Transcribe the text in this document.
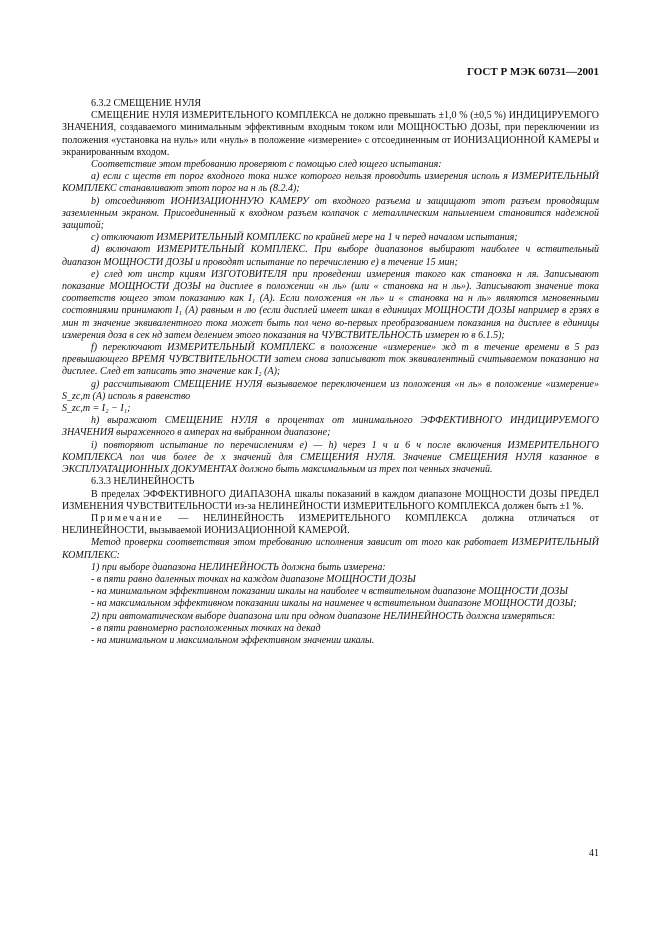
ГОСТ Р МЭК 60731—2001

6.3.2 СМЕЩЕНИЕ НУЛЯ

СМЕЩЕНИЕ НУЛЯ ИЗМЕРИТЕЛЬНОГО КОМПЛЕКСА не должно превышать ±1,0 % (±0,5 %) ИНДИЦИРУЕМОГО ЗНАЧЕНИЯ, создаваемого минимальным эффективным входным током или МОЩНОСТЬЮ ДОЗЫ, при переключении из положения «установка на нуль» или «нуль» в положение «измерение» с отсоединенным от ИОНИЗАЦИОННОЙ КАМЕРЫ и экранированным входом.

Соответствие этом требованию проверяют с помощью след ющего испытания:

a) если с ществ ет порог входного тока ниже которого нельзя проводить измерения исполь я ИЗМЕРИТЕЛЬНЫЙ КОМПЛЕКС станавливают этот порог на н ль (8.2.4);

b) отсоединяют ИОНИЗАЦИОННУЮ КАМЕРУ от входного разъема и защищают этот разъем проводящим заземленным экраном. Присоединенный к входном разъем колпачок с металлическим напылением становится надежной защитой;

c) отключают ИЗМЕРИТЕЛЬНЫЙ КОМПЛЕКС по крайней мере на 1 ч перед началом испытания;

d) включают ИЗМЕРИТЕЛЬНЫЙ КОМПЛЕКС. При выборе диапазонов выбирают наиболее ч вствительный диапазон МОЩНОСТИ ДОЗЫ и проводят испытание по перечислению e) в течение 15 мин;

e) след ют инстр кциям ИЗГОТОВИТЕЛЯ при проведении измерения такого как становка н ля. Записывают показание МОЩНОСТИ ДОЗЫ на дисплее в положении «н ль» (или « становка на н ль»). Записывают значение тока соответств ющего этом показанию как I₁ (A). Если положения «н ль» и « становка на н ль» являются мгновенными состояниями принимают I₁ (A) равным н лю (если дисплей имеет шкал в единицах МОЩНОСТИ ДОЗЫ например в грэях в мин т значение эквивалентного тока может быть пол чено во-первых преобразованием показания на дисплее в единицы измерения доза в сек нд затем делением этого показания на ЧУВСТВИТЕЛЬНОСТЬ измерен ю в 6.1.5);

f) переключают ИЗМЕРИТЕЛЬНЫЙ КОМПЛЕКС в положение «измерение» жд т в течение времени в 5 раз превышающего ВРЕМЯ ЧУВСТВИТЕЛЬНОСТИ затем снова записывают ток эквивалентный считываемом показанию на дисплее. След ет записать это значение как I₂ (A);

g) рассчитывают СМЕЩЕНИЕ НУЛЯ вызываемое переключением из положения «н ль» в положение «измерение» S_zc,m (A) исполь я равенство

S_zc,m = I₂ − I₁;

h) выражают СМЕЩЕНИЕ НУЛЯ в процентах от минимального ЭФФЕКТИВНОГО ИНДИЦИРУЕМОГО ЗНАЧЕНИЯ выраженного в амперах на выбранном диапазоне;

i) повторяют испытание по перечислениям e) — h) через 1 ч и 6 ч после включения ИЗМЕРИТЕЛЬНОГО КОМПЛЕКСА пол чив более де х значений для СМЕЩЕНИЯ НУЛЯ. Значение СМЕЩЕНИЯ НУЛЯ казанное в ЭКСПЛУАТАЦИОННЫХ ДОКУМЕНТАХ должно быть максимальным из трех пол ченных значений.

6.3.3 НЕЛИНЕЙНОСТЬ

В пределах ЭФФЕКТИВНОГО ДИАПАЗОНА шкалы показаний в каждом диапазоне МОЩНОСТИ ДОЗЫ ПРЕДЕЛ ИЗМЕНЕНИЯ ЧУВСТВИТЕЛЬНОСТИ из-за НЕЛИНЕЙНОСТИ ИЗМЕРИТЕЛЬНОГО КОМПЛЕКСА должен быть ±1 %.

Примечание — НЕЛИНЕЙНОСТЬ ИЗМЕРИТЕЛЬНОГО КОМПЛЕКСА должна отличаться от НЕЛИНЕЙНОСТИ, вызываемой ИОНИЗАЦИОННОЙ КАМЕРОЙ.

Метод проверки соответствия этом требованию исполнения зависит от того как работает ИЗМЕРИТЕЛЬНЫЙ КОМПЛЕКС:

1) при выборе диапазона НЕЛИНЕЙНОСТЬ должна быть измерена:

- в пяти равно даленных точках на каждом диапазоне МОЩНОСТИ ДОЗЫ

- на минимальном эффективном показании шкалы на наиболее ч вствительном диапазоне МОЩНОСТИ ДОЗЫ

- на максимальном эффективном показании шкалы на наименее ч вствительном диапазоне МОЩНОСТИ ДОЗЫ;

2) при автоматическом выборе диапазона или при одном диапазоне НЕЛИНЕЙНОСТЬ должна измеряться:

- в пяти равномерно расположенных точках на декад

- на минимальном и максимальном эффективном значении шкалы.

41
